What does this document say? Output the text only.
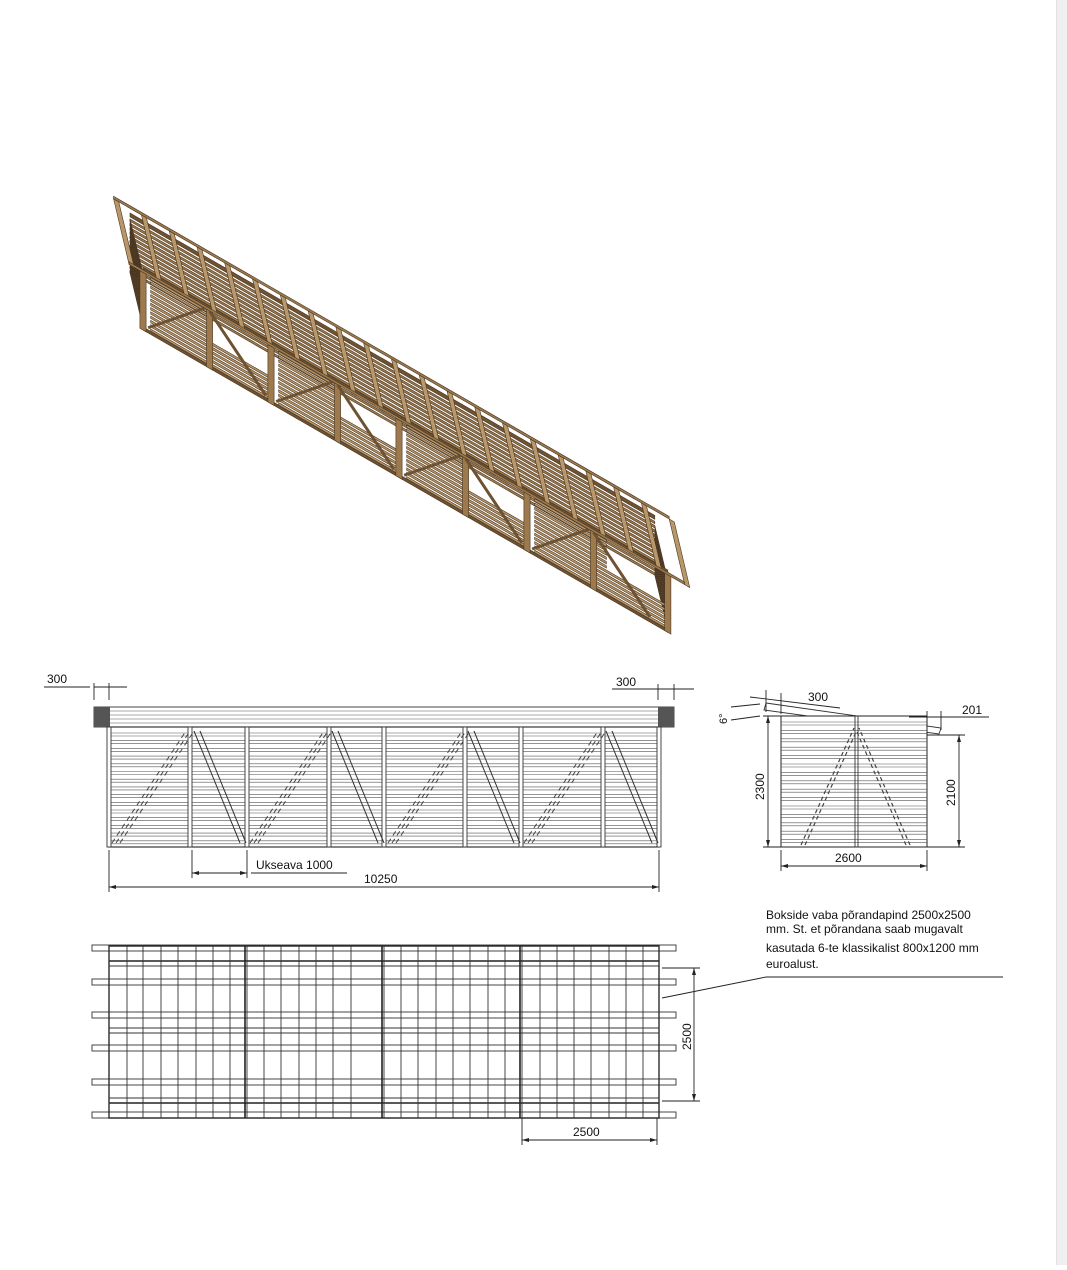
300	300
Ukseava 1000
10250
6°
300
201
2300	2100
2600
2500
2500
Bokside vaba põrandapind 2500x2500 mm. St. et põrandana saab mugavalt kasutada 6-te klassikalist 800x1200 mm euroalust.
